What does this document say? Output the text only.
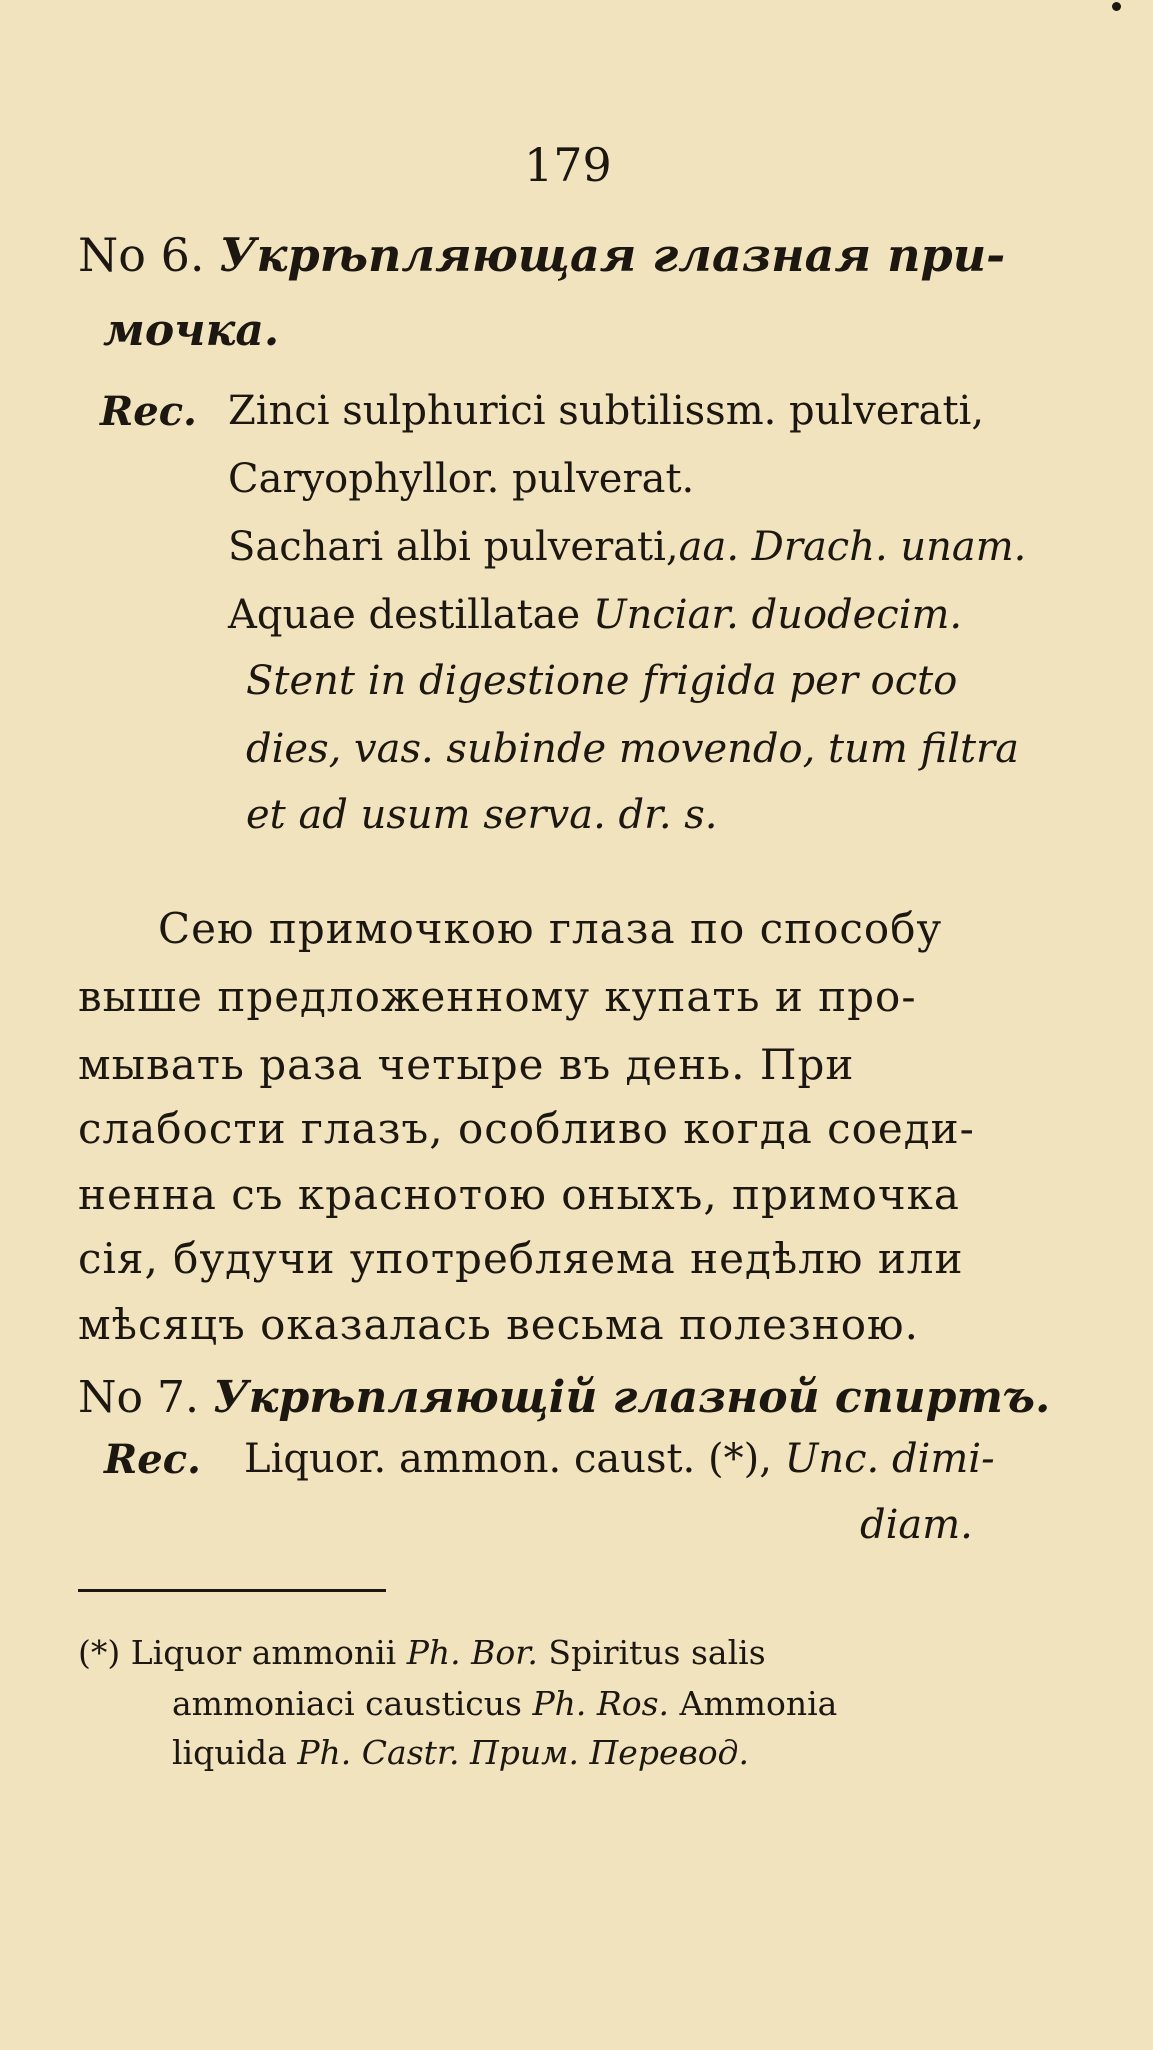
179

No 6. Укрѣпляющая глазная при-

мочка.

Rec. Zinci sulphurici subtilissm. pulverati,

Caryophyllor. pulverat.

Sachari albi pulverati,aa. Drach. unam.

Aquae destillatae Unciar. duodecim.

Stent in digestione frigida per octo

dies, vas. subinde movendo, tum filtra

et ad usum serva. dr. s.

Сею примочкою глаза по способу

выше предложенному купать и про-

мывать раза четыре въ день. При

слабости глазъ, особливо когда соеди-

ненна съ краснотою оныхъ, примочка

сія, будучи употребляема недѣлю или

мѣсяцъ оказалась весьма полезною.

No 7. Укрѣпляющій глазной спиртъ.

Rec. Liquor. ammon. caust. (*), Unc. dimi-

diam.

(*) Liquor ammonii Ph. Bor. Spiritus salis

ammoniaci causticus Ph. Ros. Ammonia

liquida Ph. Castr. Прим. Перевод.
